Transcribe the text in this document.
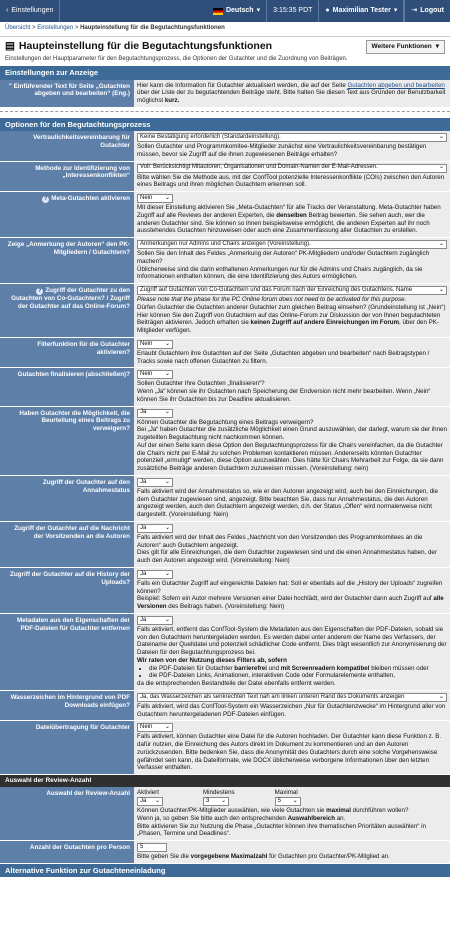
‹ Einstellungen	Deutsch ▾ 3:15:35 PDT ● Maximilian Tester ▾ ⇥ Logout
Übersicht > Einstellungen > Haupteinstellung für die Begutachtungsfunktionen
▤ Haupteinstellung für die Begutachtungsfunktionen	Weitere Funktionen ▾
Einstellungen der Hauptparameter für den Begutachtungsprozess, die Optionen der Gutachter und die Zuordnung von Beiträgen.
Einstellungen zur Anzeige
" Einführender Text für Seite „Gutachten abgeben und bearbeiten“ (Eng.)
Hier kann die Information für Gutachter aktualisiert werden, die auf der Seite Gutachten abgeben und bearbeiten über der Liste der zu begutachtenden Beiträge steht. Bitte halten Sie diesen Text aus Gründen der Benutzbarkeit möglichst kurz.
Optionen für den Begutachtungsprozess
Vertraulichkeitsvereinbarung für Gutachter
Keine Bestätigung erforderlich (Standardeinstellung).	⌄
Sollen Gutachter und Programmkomitee-Mitglieder zunächst eine Vertraulichkeitsvereinbarung bestätigen müssen, bevor sie Zugriff auf die ihnen zugewiesenen Beiträge erhalten?
Methode zur Identifizierung von „Interessenkonflikten“
Voll: Berücksichtigt Mitautoren, Organisationen und Domain-Namen der E-Mail-Adressen.	⌄
Bitte wählen Sie die Methode aus, mit der ConfTool potenzielle Interessenkonflikte (COIs) zwischen den Autoren eines Beitrags und ihren möglichen Gutachtern erkennen soll.
? Meta-Gutachten aktivieren	Nein ⌄
Mit dieser Einstellung aktivieren Sie „Meta-Gutachten“ für alle Tracks der Veranstaltung. Meta-Gutachter haben Zugriff auf alle Reviews der anderen Experten, die denselben Beitrag bewerten. Sie sehen auch, wer die anderen Gutachter sind. Sie können so ihnen beispielsweise ermöglicht, die anderen Experten auf ihr noch ausstehendes Gutachten hinzuweisen oder auch eine Zusammenfassung aller Gutachten zu erstellen.
Zeige „Anmerkung der Autoren“ den PK-Mitgliedern / Gutachtern?
Anmerkungen nur Admins und Chairs anzeigen (Voreinstellung).	⌄
Sollen Sie den Inhalt des Feldes „Anmerkung der Autoren“ PK-Mitgliedern und/oder Gutachtern zugänglich machen?
Üblicherweise sind die darin enthaltenen Anmerkungen nur für die Admins und Chairs zugänglich, da sie Informationen enthalten können, die eine Identifizierung des Autors ermöglichen.
? Zugriff der Gutachter zu den Gutachten von Co-Gutachtern? / Zugriff der Gutachter auf das Online-Forum?
Zugriff auf Gutachten von Co-Gutachtern und das Forum nach der Einreichung des Gutachtens. Name	⌄
Please note that the phase for the PC Online forum does not need to be activated for this purpose.
Dürfen Gutachter die Gutachten anderer Gutachter zum gleichen Beitrag einsehen? (Grundeinstellung ist „Nein“)
Hier können Sie den Zugriff von Gutachtern auf das Online-Forum zur Diskussion der von Ihnen begutachteten Beiträgen aktivieren. Jedoch erhalten sie keinen Zugriff auf andere Einreichungen im Forum, über den PK-Mitglieder verfügen.
Filterfunktion für die Gutachter aktivieren?
Nein ⌄
Erlaubt Gutachtern ihre Gutachten auf der Seite „Gutachten abgeben und bearbeiten“ nach Beitragstypen / Tracks sowie nach offenen Gutachten zu filtern.
Gutachten finalisieren (abschließen)?	Nein ⌄
Sollen Gutachter Ihre Gutachten „finalisieren“?
Wenn „Ja“ können sie ihr Gutachten nach Speicherung der Endversion nicht mehr bearbeiten. Wenn „Nein“ können Sie ihr Gutachten bis zur Deadline aktualisieren.
Haben Gutachter die Möglichkeit, die Beurteilung eines Beitrags zu verweigern?
Ja	⌄
Können Gutachter die Begutachtung eines Beitrags verweigern?
Bei „Ja“ haben Gutachter die zusätzliche Möglichkeit einen Grund auszuwählen, der darlegt, warum sie der ihnen zugeteilten Begutachtung nicht nachkommen können.
Auf der einen Seite kann diese Option den Begutachtungsprozess für die Chairs vereinfachen, da die Gutachter die Chairs nicht per E-Mail zu solchen Problemen kontaktieren müssen. Andererseits könnten Gutachter potenziell „ermutigt“ werden, diese Option auszuwählen. Dies hätte für Chairs Mehrarbeit zur Folge, da sie dann zusätzliche Beiträge anderen Gutachtern zuzuweisen müssen. (Voreinstellung: nein)
Zugriff der Gutachter auf den Annahmestatus
Ja	⌄
Falls aktiviert wird der Annahmestatus so, wie er den Autoren angezeigt wird, auch bei den Einreichungen, die dem Gutachter zugewiesen sind, angezeigt. Bitte beachten Sie, dass nur Annahmestatus, die den Autoren angezeigt werden, auch den Gutachtern angezeigt werden, d.h. der Status „Offen“ wird normalerweise nicht dargestellt. (Voreinstellung: Nein)
Zugriff der Gutachter auf die Nachricht der Vorsitzenden an die Autoren
Ja	⌄
Falls aktiviert wird der Inhalt des Feldes „Nachricht von den Vorsitzenden des Programmkomitees an die Autoren“ auch Gutachtern angezeigt.
Dies gilt für alle Einreichungen, die dem Gutachter zugewiesen sind und die einen Annahmestatus haben, der auch den Autoren angezeigt wird. (Voreinstellung: Nein)
Zugriff der Gutachter auf die History der Uploads?
Ja	⌄
Falls ein Gutachter Zugriff auf eingereichte Dateien hat: Soll er ebenfalls auf die „History der Uploads“ zugreifen können?
Beispiel: Sofern ein Autor mehrere Versionen einer Datei hochlädt, wird der Gutachter dann auch Zugriff auf alle Versionen des Beitrags haben. (Voreinstellung: Nein)
Metadaten aus den Eigenschaften der PDF-Dateien für Gutachter entfernen
Ja	⌄
Falls aktiviert, entfernt das ConfTool-System die Metadaten aus den Eigenschaften der PDF-Dateien, sobald sie von den Gutachtern heruntergeladen werden. Es werden dabei unter anderem der Name des Verfassers, der Dateiname der Quelldatei und potenziell schädlicher Code entfernt. Dies trägt wesentlich zur Anonymisierung der Dateien für den Begutachtungsprozess bei.
Wir raten von der Nutzung dieses Filters ab, sofern
• die PDF-Dateien für Gutachter barrierefrei und mit Screenreadern kompatibel bleiben müssen oder
• die PDF-Dateien Links, Animationen, interaktiven Code oder Formularelemente enthalten,
da die entsprechenden Bestandteile der Datei ebenfalls entfernt werden.
Wasserzeichen im Hintergrund von PDF Downloads einfügen?
Ja, das Wasserzeichen als senkrechten Text nah am linken unteren Rand des Dokuments anzeigen	⌄
Falls aktiviert, wird das ConfTool-System ein Wasserzeichen „Nur für Gutachtenzwecke“ im Hintergrund aller von Gutachtern heruntergeladenen PDF-Dateien einfügen.
Dateiübertragung für Gutachter	Nein ⌄
Falls aktiviert, können Gutachter eine Datei für die Autoren hochladen. Der Gutachter kann diese Funktion z. B. dafür nutzen, die Einreichung des Autors direkt im Dokument zu kommentieren und an den Autoren zurückzusenden. Bitte bedenken Sie, dass die Anonymität des Gutachters durch eine solche Vorgehensweise gefährdet sein kann, da Dateiformate, wie DOCX üblicherweise verborgene Informationen über den letzten Verfasser enthalten.
Auswahl der Review-Anzahl
Auswahl der Review-Anzahl	Aktiviert
Ja ⌄
Mindestens
3 ⌄
Maximal
5 ⌄
Können Gutachter/PK-Mitglieder auswählen, wie viele Gutachten sie maximal durchführen wollen?
Wenn ja, so geben Sie bitte auch den entsprechenden Auswahlbereich an.
Bitte aktivieren Sie zur Nutzung die Phase „Gutachter können ihre thematischen Prioritäten auswählen“ in „Phasen, Termine und Deadlines“.
Anzahl der Gutachten pro Person	5
Bitte geben Sie die vorgegebene Maximalzahl für Gutachten pro Gutachter/PK-Mitglied an.
Alternative Funktion zur Gutachteneinladung
